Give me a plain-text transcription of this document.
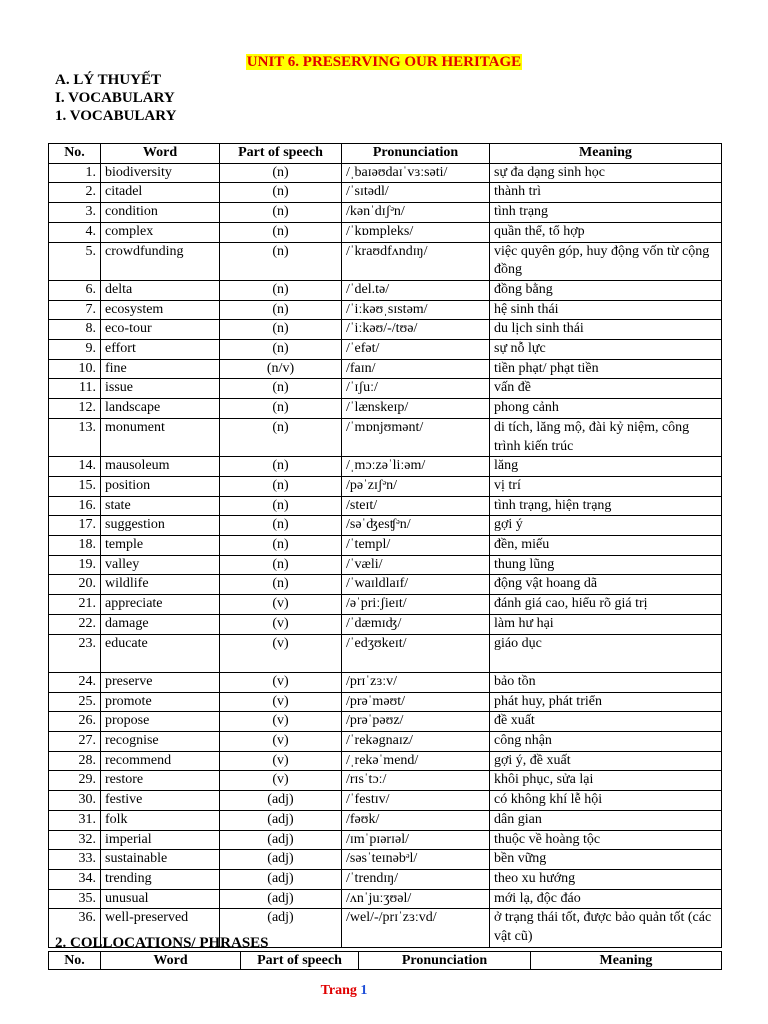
UNIT 6. PRESERVING OUR HERITAGE
A. LÝ THUYẾT
I. VOCABULARY
1. VOCABULARY
No.	Word	Part of speech	Pronunciation	Meaning
1.	biodiversity	(n)	/ˌbaɪəʊdaɪˈvɜːsəti/	sự đa dạng sinh học
2.	citadel	(n)	/ˈsɪtədl/	thành trì
3.	condition	(n)	/kənˈdɪʃᵊn/	tình trạng
4.	complex	(n)	/ˈkɒmpleks/	quần thể, tổ hợp
5.	crowdfunding	(n)	/ˈkraʊdfʌndɪŋ/	việc quyên góp, huy động vốn từ cộng đồng
6.	delta	(n)	/ˈdel.tə/	đồng bằng
7.	ecosystem	(n)	/ˈiːkəʊˌsɪstəm/	hệ sinh thái
8.	eco-tour	(n)	/ˈiːkəʊ/-/tʊə/	du lịch sinh thái
9.	effort	(n)	/ˈefət/	sự nỗ lực
10.	fine	(n/v)	/faɪn/	tiền phạt/ phạt tiền
11.	issue	(n)	/ˈɪʃuː/	vấn đề
12.	landscape	(n)	/ˈlænskeɪp/	phong cảnh
13.	monument	(n)	/ˈmɒnjʊmənt/	di tích, lăng mộ, đài kỷ niệm, công trình kiến trúc
14.	mausoleum	(n)	/ˌmɔːzəˈliːəm/	lăng
15.	position	(n)	/pəˈzɪʃᵊn/	vị trí
16.	state	(n)	/steɪt/	tình trạng, hiện trạng
17.	suggestion	(n)	/səˈʤesʧᵊn/	gợi ý
18.	temple	(n)	/ˈtempl/	đền, miếu
19.	valley	(n)	/ˈvæli/	thung lũng
20.	wildlife	(n)	/ˈwaɪldlaɪf/	động vật hoang dã
21.	appreciate	(v)	/əˈpriːʃieɪt/	đánh giá cao, hiểu rõ giá trị
22.	damage	(v)	/ˈdæmɪʤ/	làm hư hại
23.	educate	(v)	/ˈedʒʊkeɪt/	giáo dục
24.	preserve	(v)	/prɪˈzɜːv/	bảo tồn
25.	promote	(v)	/prəˈməʊt/	phát huy, phát triển
26.	propose	(v)	/prəˈpəʊz/	đề xuất
27.	recognise	(v)	/ˈrekəgnaɪz/	công nhận
28.	recommend	(v)	/ˌrekəˈmend/	gợi ý, đề xuất
29.	restore	(v)	/rɪsˈtɔː/	khôi phục, sửa lại
30.	festive	(adj)	/ˈfestɪv/	có không khí lễ hội
31.	folk	(adj)	/fəʊk/	dân gian
32.	imperial	(adj)	/ɪmˈpɪərɪəl/	thuộc về hoàng tộc
33.	sustainable	(adj)	/səsˈteɪnəbᵊl/	bền vững
34.	trending	(adj)	/ˈtrendɪŋ/	theo xu hướng
35.	unusual	(adj)	/ʌnˈjuːʒʊəl/	mới lạ, độc đáo
36.	well-preserved	(adj)	/wel/-/prɪˈzɜːvd/	ở trạng thái tốt, được bảo quản tốt (các vật cũ)
2. COLLOCATIONS/ PHRASES
No.	Word	Part of speech	Pronunciation	Meaning
Trang 1
